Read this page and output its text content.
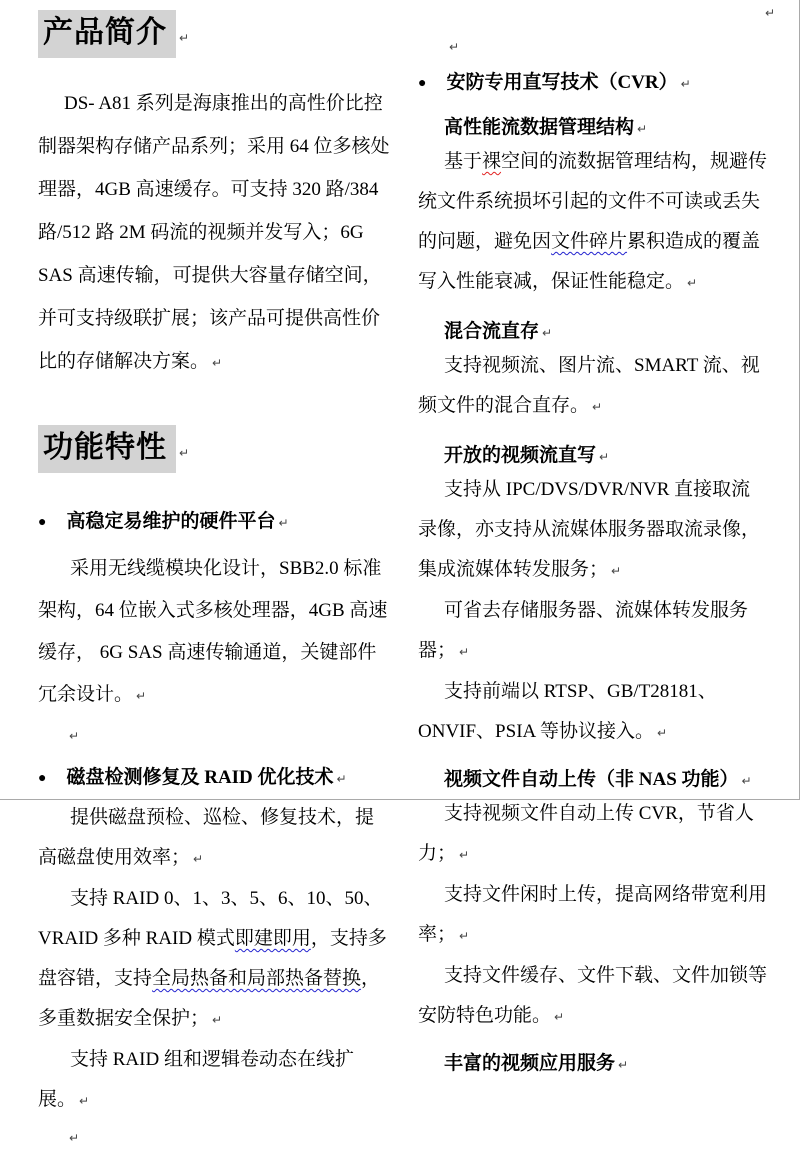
↵
产品简介 ↵

DS- A81 系列是海康推出的高性价比控制器架构存储产品系列；采用 64 位多核处理器，4GB 高速缓存。可支持 320 路/384 路/512 路 2M 码流的视频并发写入；6G SAS 高速传输，可提供大容量存储空间，并可支持级联扩展；该产品可提供高性价比的存储解决方案。 ↵

功能特性 ↵
● 高稳定易维护的硬件平台 ↵

采用无线缆模块化设计，SBB2.0 标准架构，64 位嵌入式多核处理器，4GB 高速缓存， 6G SAS 高速传输通道，关键部件冗余设计。 ↵

↵
● 磁盘检测修复及 RAID 优化技术 ↵

提供磁盘预检、巡检、修复技术，提高磁盘使用效率； ↵

支持 RAID 0、1、3、5、6、10、50、VRAID 多种 RAID 模式即建即用，支持多盘容错，支持全局热备和局部热备替换，多重数据安全保护； ↵

支持 RAID 组和逻辑卷动态在线扩展。 ↵

↵
↵
● 安防专用直写技术（CVR） ↵
高性能流数据管理结构 ↵

基于裸空间的流数据管理结构，规避传统文件系统损坏引起的文件不可读或丢失的问题，避免因文件碎片累积造成的覆盖写入性能衰减，保证性能稳定。 ↵

混合流直存 ↵

支持视频流、图片流、SMART 流、视频文件的混合直存。 ↵

开放的视频流直写 ↵

支持从 IPC/DVS/DVR/NVR 直接取流录像，亦支持从流媒体服务器取流录像，集成流媒体转发服务； ↵

可省去存储服务器、流媒体转发服务器； ↵

支持前端以 RTSP、GB/T28181、ONVIF、PSIA 等协议接入。 ↵

视频文件自动上传（非 NAS 功能） ↵

支持视频文件自动上传 CVR，节省人力； ↵

支持文件闲时上传，提高网络带宽利用率； ↵

支持文件缓存、文件下载、文件加锁等安防特色功能。 ↵

丰富的视频应用服务 ↵
